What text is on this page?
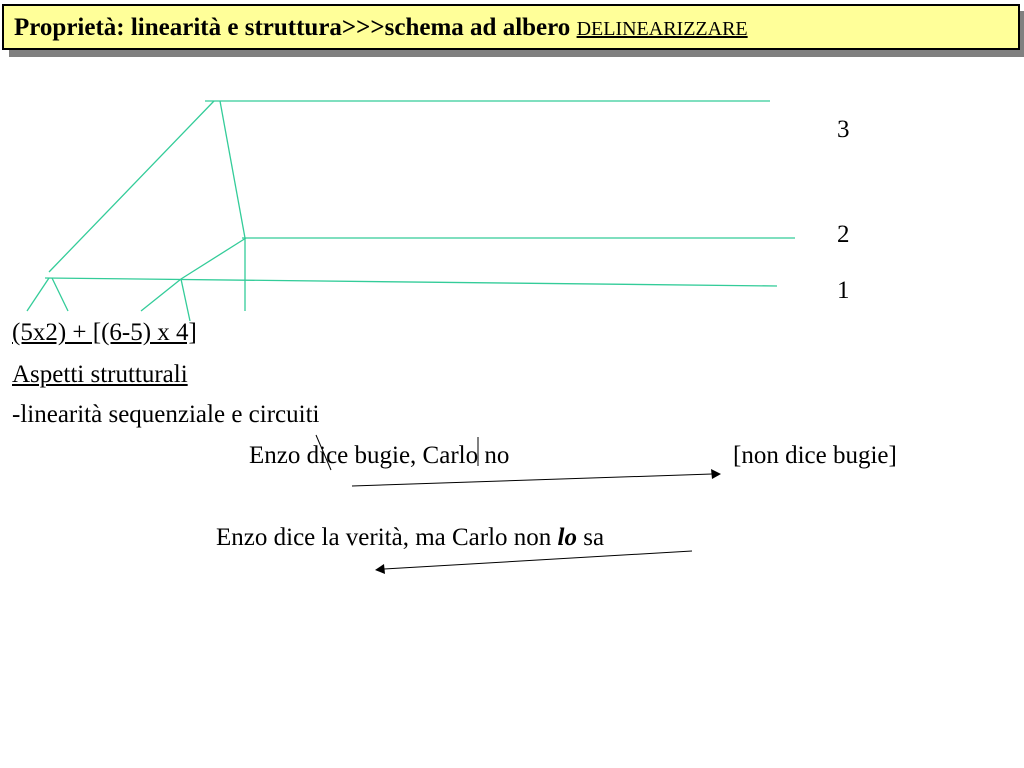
Proprietà: linearità e struttura>>>schema ad albero DELINEARIZZARE
3
2
1
(5x2) + [(6-5) x 4]
Aspetti strutturali
-linearità sequenziale e circuiti
Enzo dice bugie, Carlo no	[non dice bugie]
Enzo dice la verità, ma Carlo non lo sa
